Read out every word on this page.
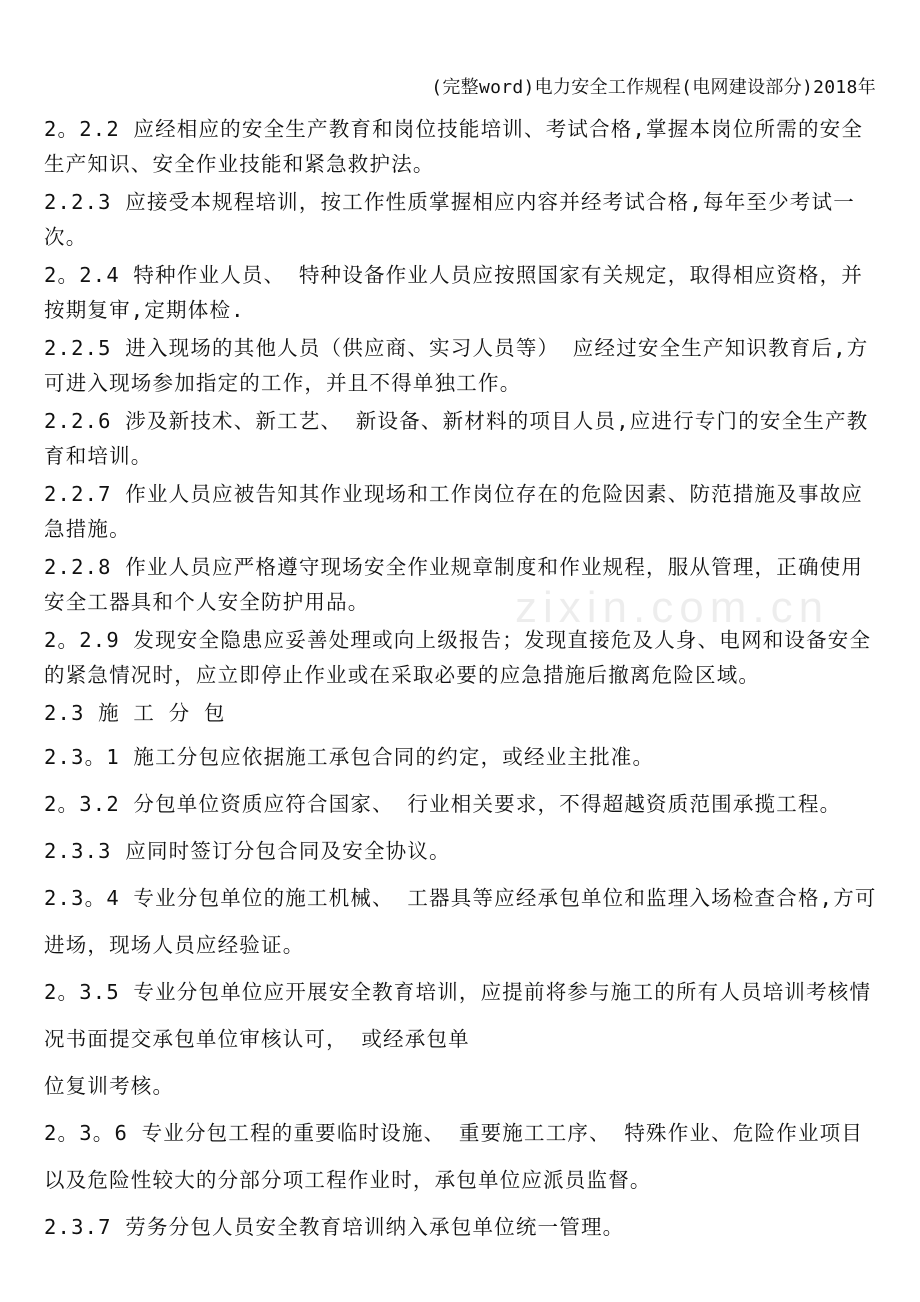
(完整word)电力安全工作规程(电网建设部分)2018年
zixin.com.cn

2。2.2 应经相应的安全生产教育和岗位技能培训、考试合格,掌握本岗位所需的安全生产知识、安全作业技能和紧急救护法。

2.2.3 应接受本规程培训，按工作性质掌握相应内容并经考试合格,每年至少考试一次。

2。2.4 特种作业人员、 特种设备作业人员应按照国家有关规定，取得相应资格，并按期复审,定期体检.

2.2.5 进入现场的其他人员（供应商、实习人员等） 应经过安全生产知识教育后,方可进入现场参加指定的工作，并且不得单独工作。

2.2.6 涉及新技术、新工艺、 新设备、新材料的项目人员,应进行专门的安全生产教育和培训。

2.2.7 作业人员应被告知其作业现场和工作岗位存在的危险因素、防范措施及事故应急措施。

2.2.8 作业人员应严格遵守现场安全作业规章制度和作业规程，服从管理，正确使用安全工器具和个人安全防护用品。

2。2.9 发现安全隐患应妥善处理或向上级报告；发现直接危及人身、电网和设备安全的紧急情况时，应立即停止作业或在采取必要的应急措施后撤离危险区域。

2.3 施 工 分 包

2.3。1 施工分包应依据施工承包合同的约定，或经业主批准。

2。3.2 分包单位资质应符合国家、 行业相关要求，不得超越资质范围承揽工程。

2.3.3 应同时签订分包合同及安全协议。

2.3。4 专业分包单位的施工机械、 工器具等应经承包单位和监理入场检查合格,方可进场，现场人员应经验证。

2。3.5 专业分包单位应开展安全教育培训，应提前将参与施工的所有人员培训考核情况书面提交承包单位审核认可， 或经承包单

位复训考核。

2。3。6 专业分包工程的重要临时设施、 重要施工工序、 特殊作业、危险作业项目以及危险性较大的分部分项工程作业时，承包单位应派员监督。

2.3.7 劳务分包人员安全教育培训纳入承包单位统一管理。
